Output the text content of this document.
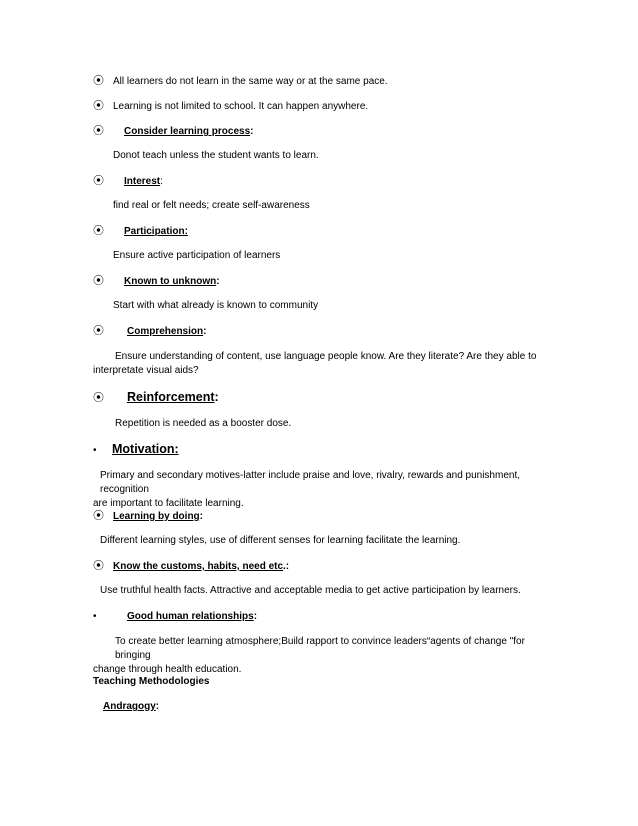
⦿ All learners do not learn in the same way or at the same pace.
⦿ Learning is not limited to school. It can happen anywhere.
⦿ Consider learning process:
Donot teach unless the student wants to learn.
⦿ Interest:
find real or felt needs; create self-awareness
⦿ Participation:
Ensure active participation of learners
⦿ Known to unknown:
Start with what already is known to community
⦿ Comprehension:
Ensure understanding of content, use language people know. Are they literate? Are they able to
interpretate visual aids?
⦿ Reinforcement:
Repetition is needed as a booster dose.
• Motivation:
Primary and secondary motives-latter include praise and love, rivalry, rewards and punishment, recognition
are important to facilitate learning.
⦿ Learning by doing:
Different learning styles, use of different senses for learning facilitate the learning.
⦿ Know the customs, habits, need etc.:
Use truthful health facts. Attractive and acceptable media to get active participation by learners.
•	Good human relationships:
To create better learning atmosphere;Build rapport to convince leaders“agents of change "for bringing
change through health education.
Teaching Methodologies
Andragogy:
